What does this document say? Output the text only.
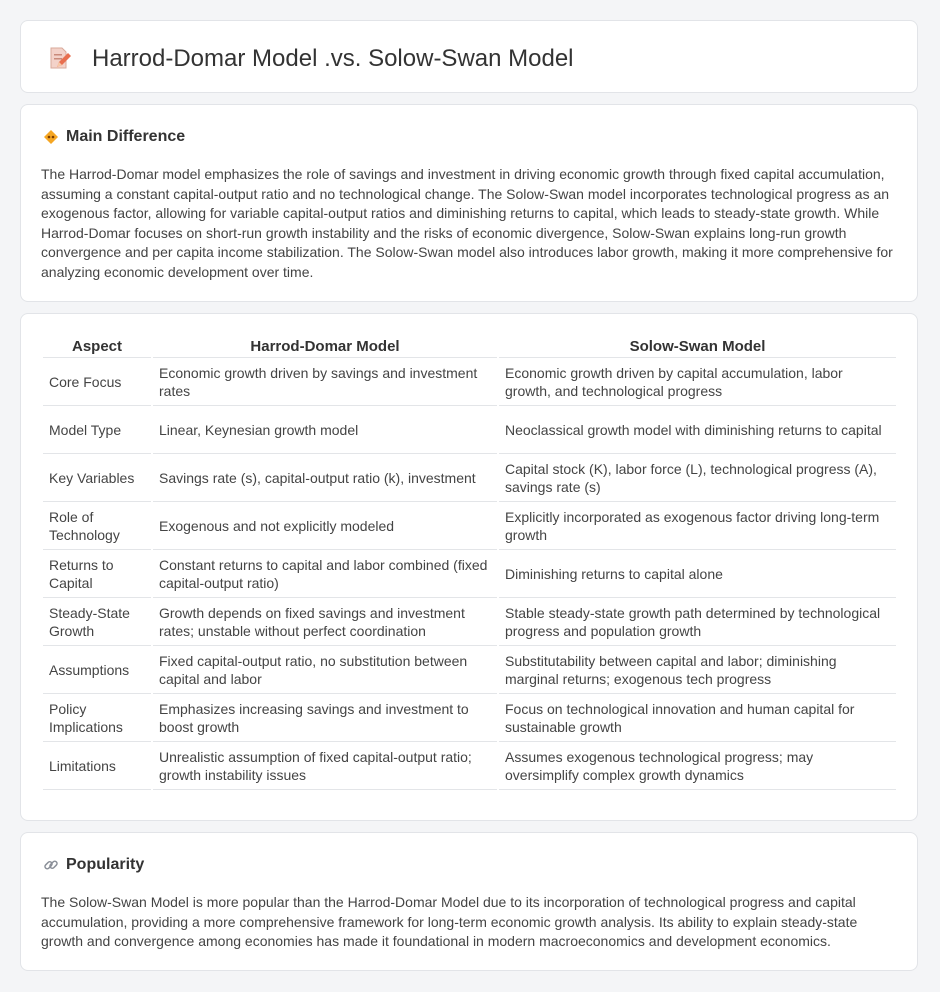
Harrod-Domar Model .vs. Solow-Swan Model
Main Difference

The Harrod-Domar model emphasizes the role of savings and investment in driving economic growth through fixed capital accumulation, assuming a constant capital-output ratio and no technological change. The Solow-Swan model incorporates technological progress as an exogenous factor, allowing for variable capital-output ratios and diminishing returns to capital, which leads to steady-state growth. While Harrod-Domar focuses on short-run growth instability and the risks of economic divergence, Solow-Swan explains long-run growth convergence and per capita income stabilization. The Solow-Swan model also introduces labor growth, making it more comprehensive for analyzing economic development over time.

Aspect	Harrod-Domar Model	Solow-Swan Model
Core Focus	Economic growth driven by savings and investment rates	Economic growth driven by capital accumulation, labor growth, and technological progress
Model Type	Linear, Keynesian growth model	Neoclassical growth model with diminishing returns to capital
Key Variables	Savings rate (s), capital-output ratio (k), investment	Capital stock (K), labor force (L), technological progress (A), savings rate (s)
Role of Technology	Exogenous and not explicitly modeled	Explicitly incorporated as exogenous factor driving long-term growth
Returns to Capital	Constant returns to capital and labor combined (fixed capital-output ratio)	Diminishing returns to capital alone
Steady-State Growth	Growth depends on fixed savings and investment rates; unstable without perfect coordination	Stable steady-state growth path determined by technological progress and population growth
Assumptions	Fixed capital-output ratio, no substitution between capital and labor	Substitutability between capital and labor; diminishing marginal returns; exogenous tech progress
Policy Implications	Emphasizes increasing savings and investment to boost growth	Focus on technological innovation and human capital for sustainable growth
Limitations	Unrealistic assumption of fixed capital-output ratio; growth instability issues	Assumes exogenous technological progress; may oversimplify complex growth dynamics
Popularity

The Solow-Swan Model is more popular than the Harrod-Domar Model due to its incorporation of technological progress and capital accumulation, providing a more comprehensive framework for long-term economic growth analysis. Its ability to explain steady-state growth and convergence among economies has made it foundational in modern macroeconomics and development economics.
